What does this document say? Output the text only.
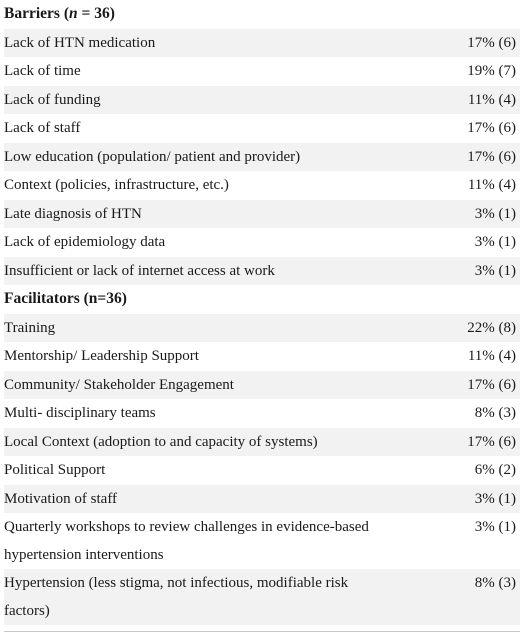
Barriers (n = 36)
Lack of HTN medication	17% (6)
Lack of time	19% (7)
Lack of funding	11% (4)
Lack of staff	17% (6)
Low education (population/ patient and provider)	17% (6)
Context (policies, infrastructure, etc.)	11% (4)
Late diagnosis of HTN	3% (1)
Lack of epidemiology data	3% (1)
Insufficient or lack of internet access at work	3% (1)
Facilitators (n=36)
Training	22% (8)
Mentorship/ Leadership Support	11% (4)
Community/ Stakeholder Engagement	17% (6)
Multi- disciplinary teams	8% (3)
Local Context (adoption to and capacity of systems)	17% (6)
Political Support	6% (2)
Motivation of staff	3% (1)
Quarterly workshops to review challenges in evidence-based hypertension interventions
3% (1)
Hypertension (less stigma, not infectious, modifiable risk factors)
8% (3)
